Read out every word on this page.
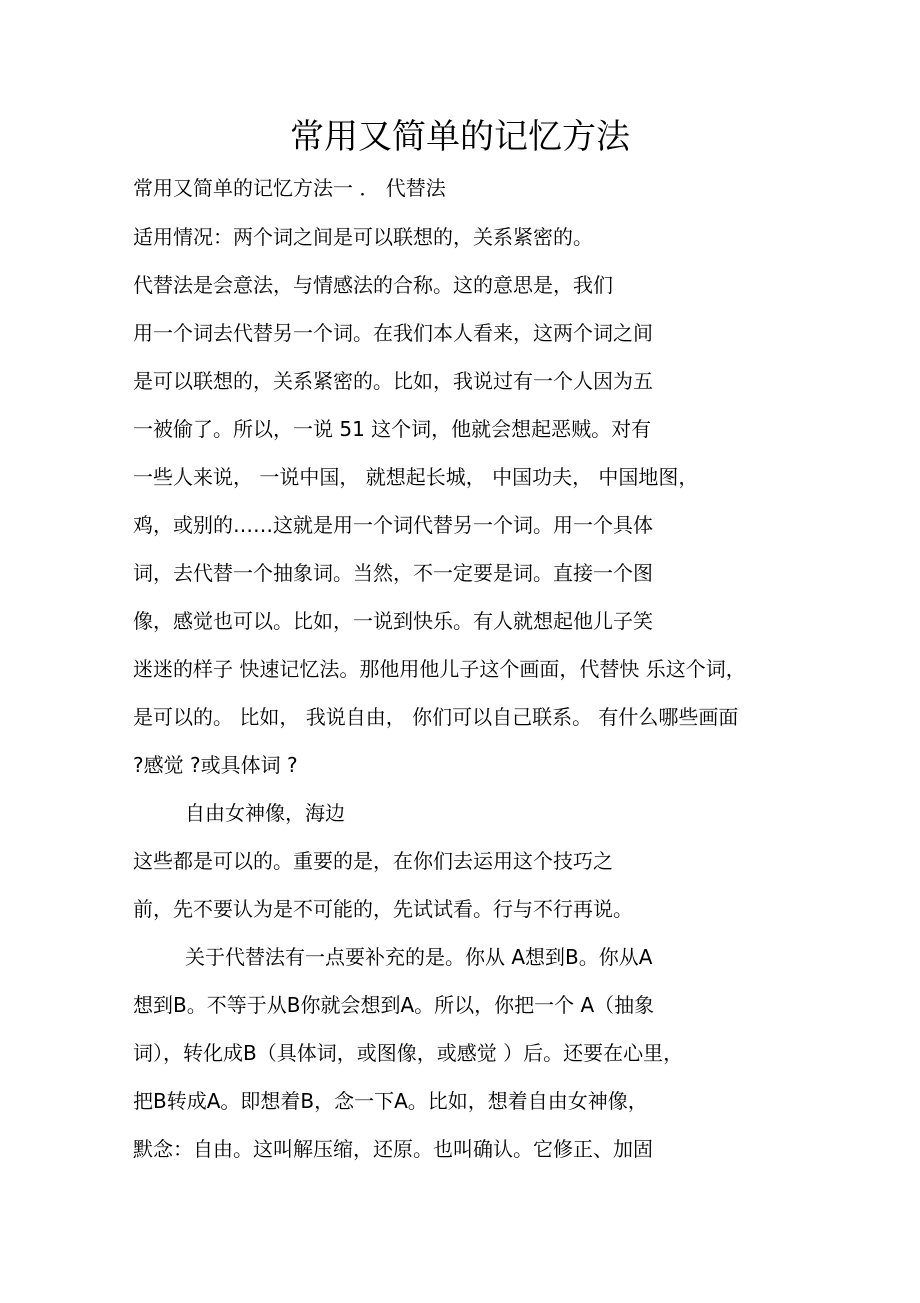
常用又简单的记忆方法

常用又简单的记忆方法一 ． 代替法

适用情况：两个词之间是可以联想的，关系紧密的。

代替法是会意法，与情感法的合称。这的意思是，我们

用一个词去代替另一个词。在我们本人看来，这两个词之间

是可以联想的，关系紧密的。比如，我说过有一个人因为五

一被偷了。所以，一说 51 这个词，他就会想起恶贼。对有

一些人来说， 一说中国， 就想起长城， 中国功夫， 中国地图，

鸡，或别的……这就是用一个词代替另一个词。用一个具体

词，去代替一个抽象词。当然，不一定要是词。直接一个图

像，感觉也可以。比如，一说到快乐。有人就想起他儿子笑

迷迷的样子 快速记忆法。那他用他儿子这个画面，代替快 乐这个词，

是可以的。 比如， 我说自由， 你们可以自己联系。 有什么哪些画面

?感觉 ?或具体词 ?

自由女神像，海边

这些都是可以的。重要的是，在你们去运用这个技巧之

前，先不要认为是不可能的，先试试看。行与不行再说。

关于代替法有一点要补充的是。你从 A想到B。你从A

想到B。不等于从B你就会想到A。所以，你把一个 A（抽象

词），转化成B（具体词，或图像，或感觉 ）后。还要在心里，

把B转成A。即想着B，念一下A。比如，想着自由女神像，

默念：自由。这叫解压缩，还原。也叫确认。它修正、加固
